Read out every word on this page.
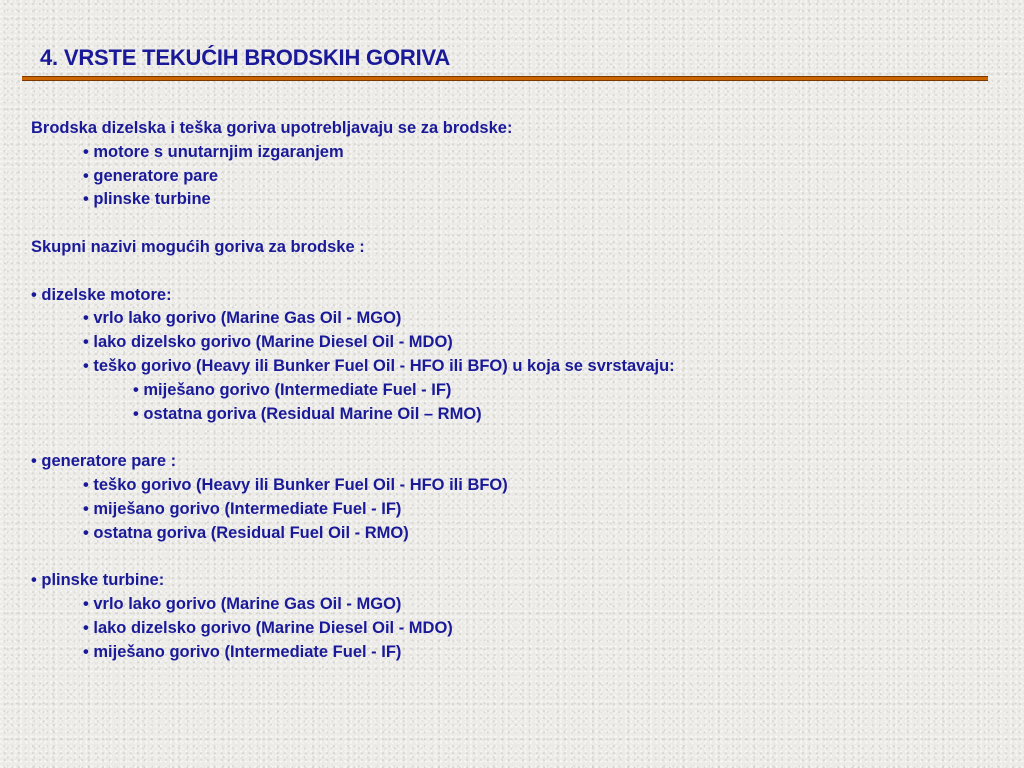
4. VRSTE TEKUĆIH BRODSKIH GORIVA
Brodska dizelska i teška goriva upotrebljavaju se za brodske:
• motore s unutarnjim izgaranjem
• generatore pare
• plinske turbine
Skupni nazivi mogućih goriva za brodske :
• dizelske motore:
• vrlo lako gorivo (Marine Gas Oil - MGO)
• lako dizelsko gorivo (Marine Diesel Oil - MDO)
• teško gorivo (Heavy ili Bunker Fuel Oil - HFO ili BFO) u koja se svrstavaju:
• miješano gorivo (Intermediate Fuel - IF)
• ostatna goriva (Residual Marine Oil – RMO)
• generatore pare :
• teško gorivo (Heavy ili Bunker Fuel Oil - HFO ili BFO)
• miješano gorivo (Intermediate Fuel - IF)
• ostatna goriva (Residual Fuel Oil - RMO)
• plinske turbine:
• vrlo lako gorivo (Marine Gas Oil - MGO)
• lako dizelsko gorivo (Marine Diesel Oil - MDO)
• miješano gorivo (Intermediate Fuel - IF)
